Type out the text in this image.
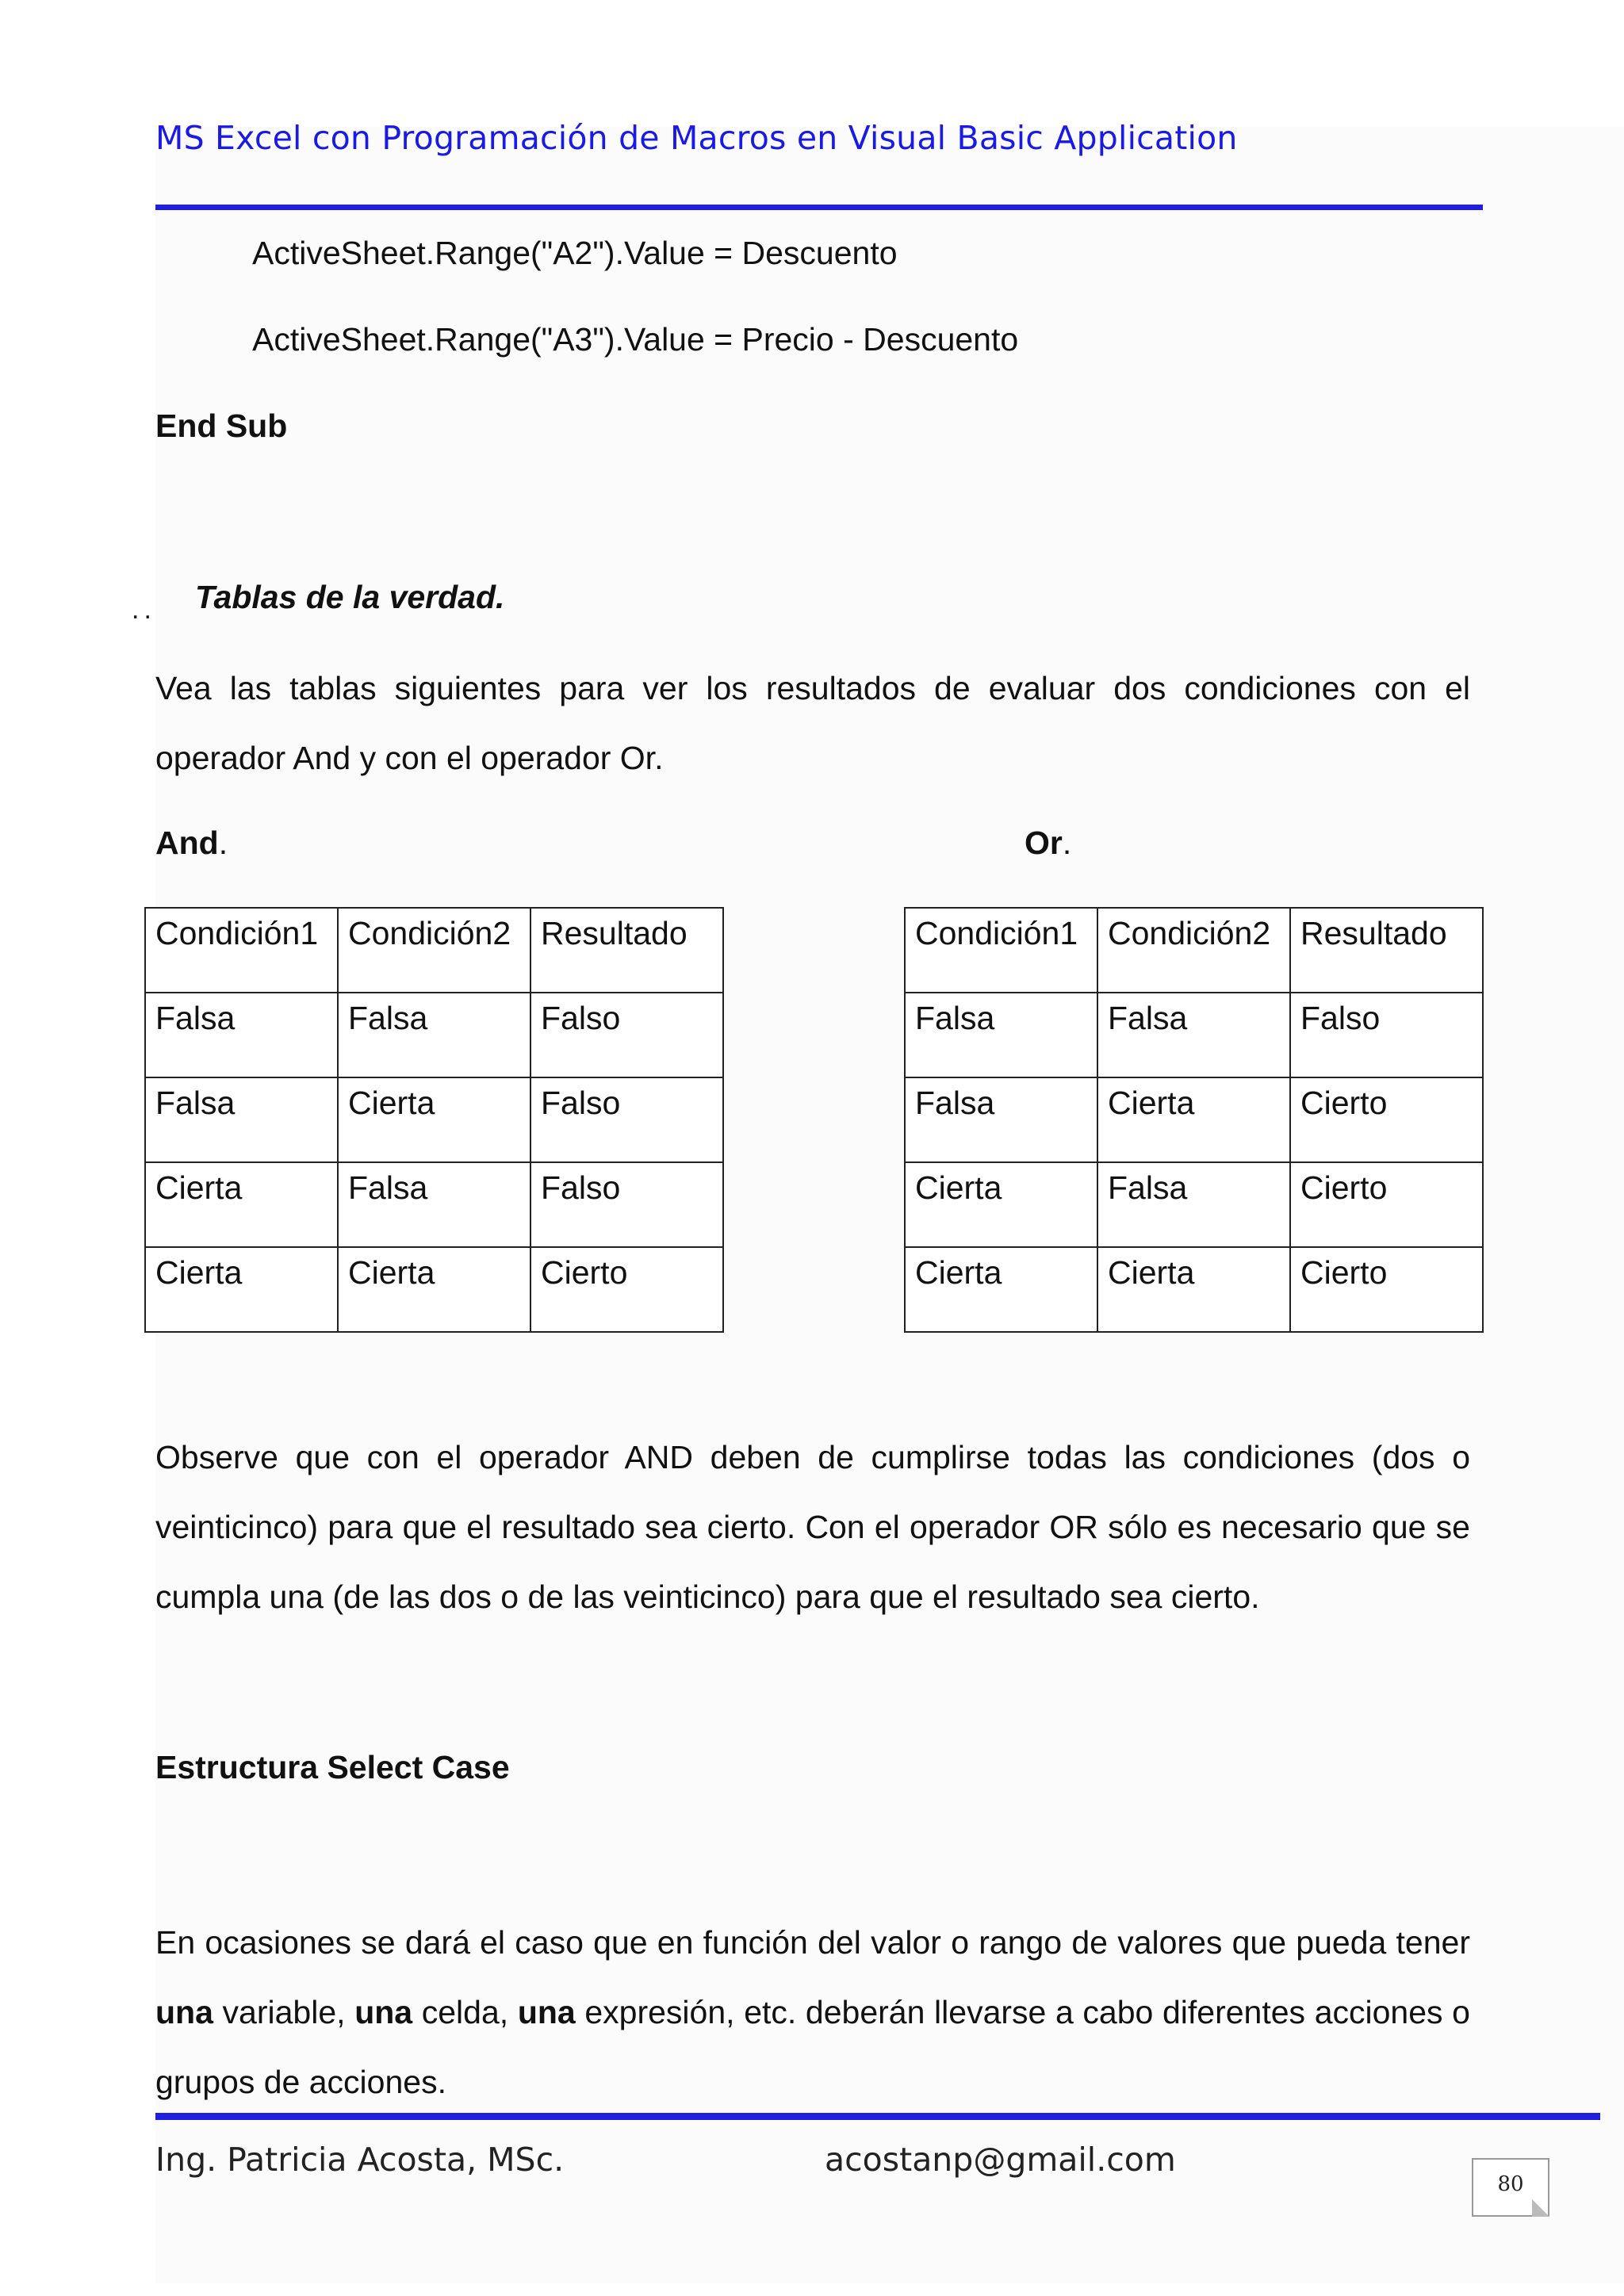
MS Excel con Programación de Macros en Visual Basic Application
ActiveSheet.Range("A2").Value = Descuento
ActiveSheet.Range("A3").Value = Precio - Descuento
End Sub
.. Tablas de la verdad.
Vea las tablas siguientes para ver los resultados de evaluar dos condiciones con el operador And y con el operador Or.
And.	Or.
Condición1	Condición2	Resultado
Falsa	Falsa	Falso
Falsa	Cierta	Falso
Cierta	Falsa	Falso
Cierta	Cierta	Cierto
Condición1	Condición2	Resultado
Falsa	Falsa	Falso
Falsa	Cierta	Cierto
Cierta	Falsa	Cierto
Cierta	Cierta	Cierto
Observe que con el operador AND deben de cumplirse todas las condiciones (dos o veinticinco) para que el resultado sea cierto. Con el operador OR sólo es necesario que se cumpla una (de las dos o de las veinticinco) para que el resultado sea cierto.
Estructura Select Case
En ocasiones se dará el caso que en función del valor o rango de valores que pueda tener una variable, una celda, una expresión, etc. deberán llevarse a cabo diferentes acciones o grupos de acciones.
Ing. Patricia Acosta, MSc.	acostanp@gmail.com
80
